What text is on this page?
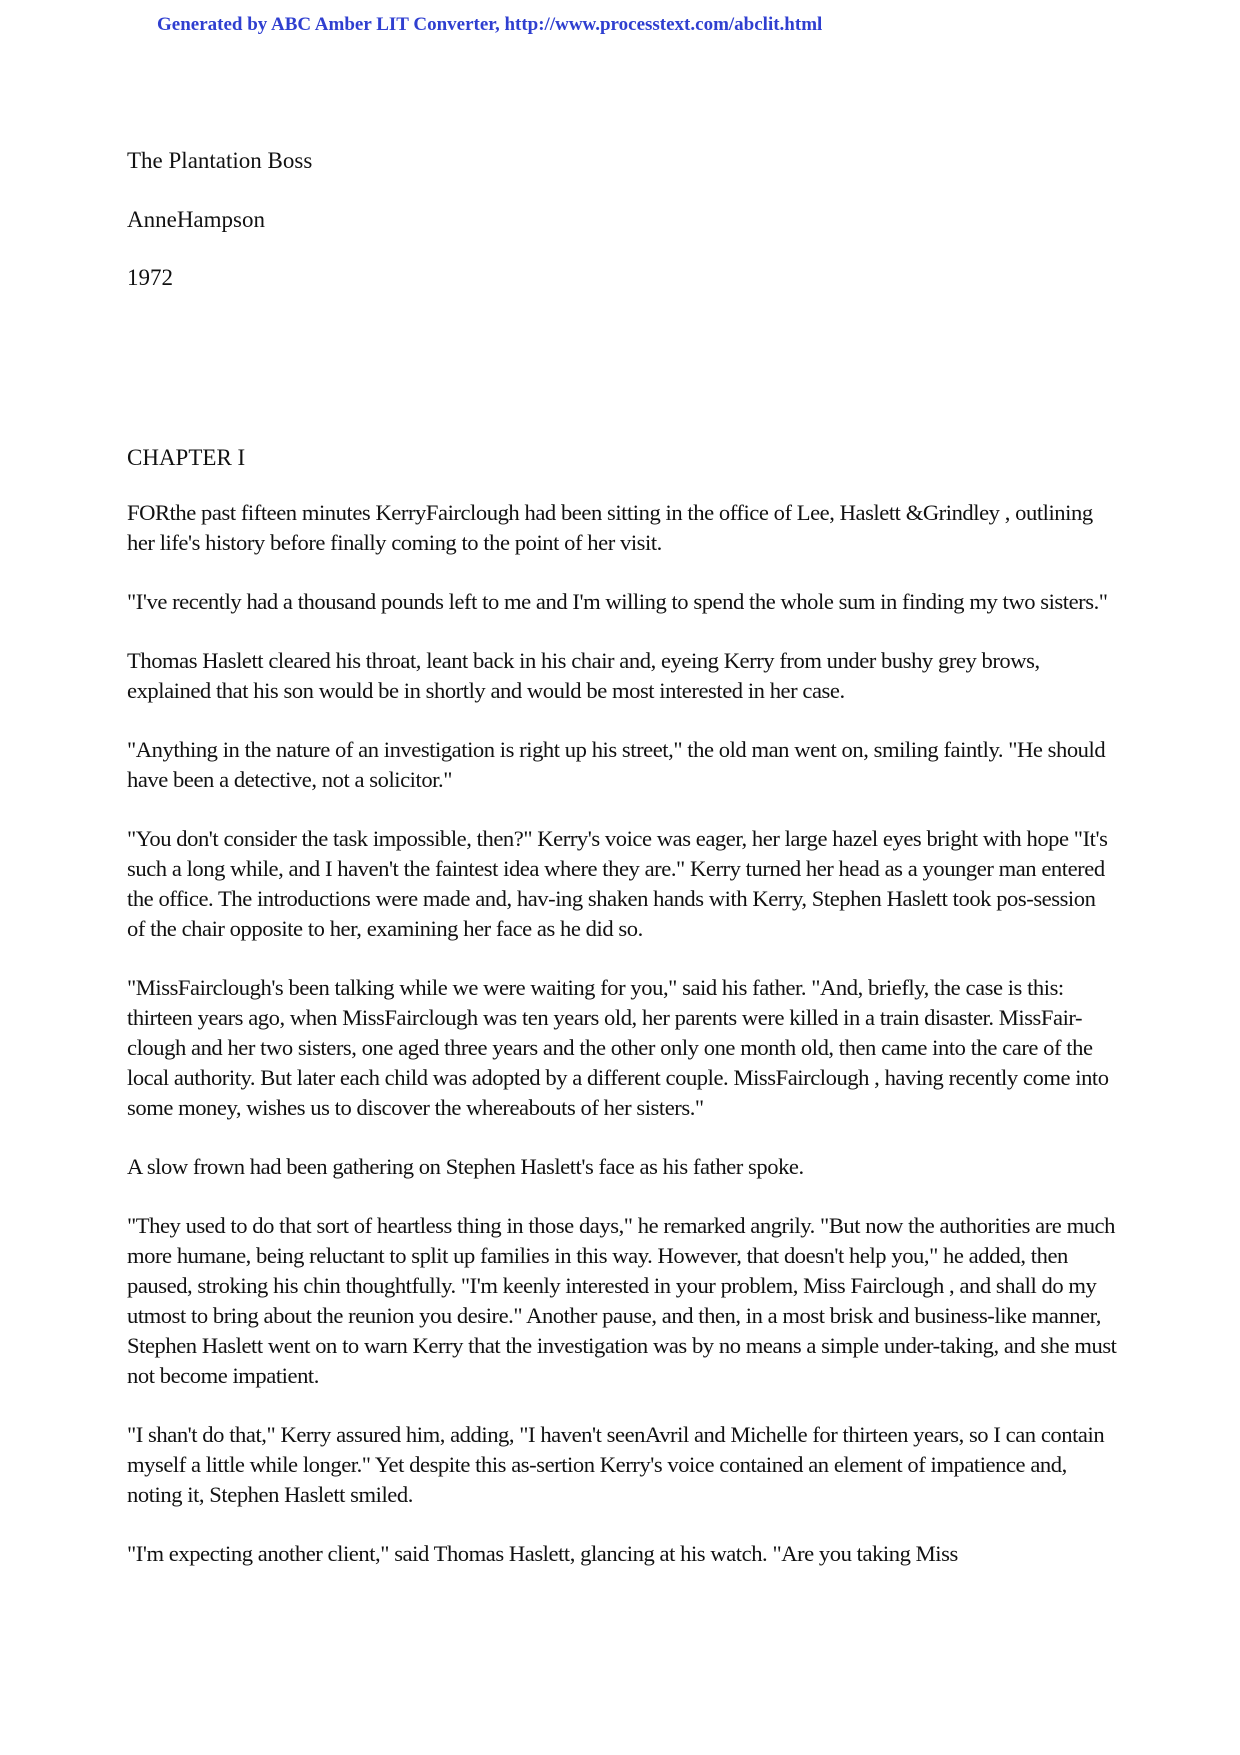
Generated by ABC Amber LIT Converter, http://www.processtext.com/abclit.html

The Plantation Boss

AnneHampson

1972

CHAPTER I

FORthe past fifteen minutes KerryFairclough had been sitting in the office of Lee, Haslett &Grindley , outlining her life's history before finally coming to the point of her visit.

"I've recently had a thousand pounds left to me and I'm willing to spend the whole sum in finding my two sisters."

Thomas Haslett cleared his throat, leant back in his chair and, eyeing Kerry from under bushy grey brows, explained that his son would be in shortly and would be most interested in her case.

"Anything in the nature of an investigation is right up his street," the old man went on, smiling faintly. "He should have been a detective, not a solicitor."

"You don't consider the task impossible, then?" Kerry's voice was eager, her large hazel eyes bright with hope "It's such a long while, and I haven't the faintest idea where they are." Kerry turned her head as a younger man entered the office. The introductions were made and, hav-ing shaken hands with Kerry, Stephen Haslett took pos-session of the chair opposite to her, examining her face as he did so.

"MissFairclough's been talking while we were waiting for you," said his father. "And, briefly, the case is this: thirteen years ago, when MissFairclough was ten years old, her parents were killed in a train disaster. MissFair-clough and her two sisters, one aged three years and the other only one month old, then came into the care of the local authority. But later each child was adopted by a different couple. MissFairclough , having recently come into some money, wishes us to discover the whereabouts of her sisters."

A slow frown had been gathering on Stephen Haslett's face as his father spoke.

"They used to do that sort of heartless thing in those days," he remarked angrily. "But now the authorities are much more humane, being reluctant to split up families in this way. However, that doesn't help you," he added, then paused, stroking his chin thoughtfully. "I'm keenly interested in your problem, Miss Fairclough , and shall do my utmost to bring about the reunion you desire." Another pause, and then, in a most brisk and business-like manner, Stephen Haslett went on to warn Kerry that the investigation was by no means a simple under-taking, and she must not become impatient.

"I shan't do that," Kerry assured him, adding, "I haven't seenAvril and Michelle for thirteen years, so I can contain myself a little while longer." Yet despite this as-sertion Kerry's voice contained an element of impatience and, noting it, Stephen Haslett smiled.

"I'm expecting another client," said Thomas Haslett, glancing at his watch. "Are you taking Miss
